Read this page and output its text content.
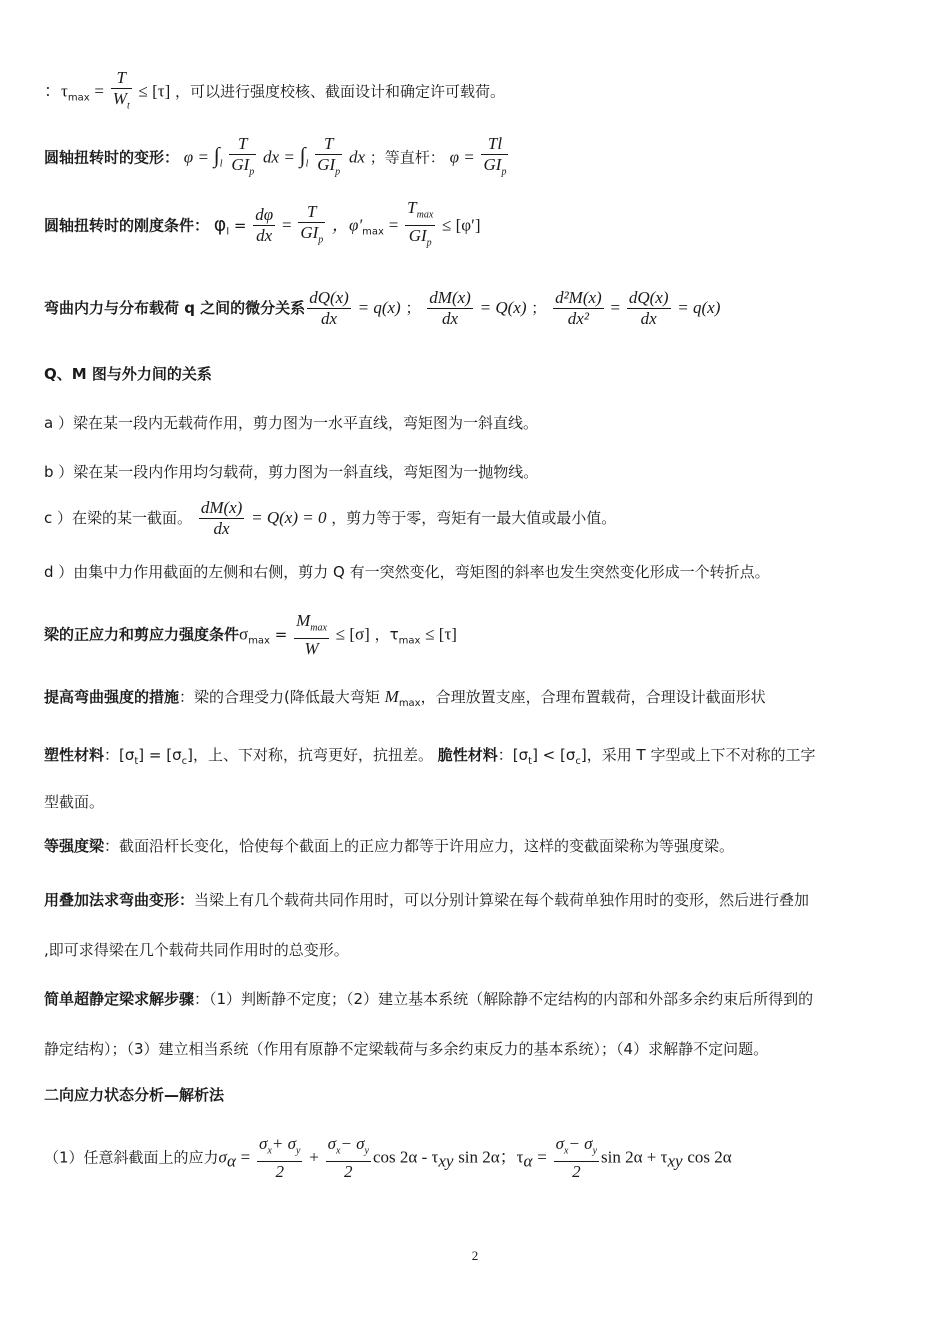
：$\tau_{max} = \frac{T}{W_t} \le [\tau]$ ，可以进行强度校核、截面设计和确定许可载荷。
圆轴扭转时的变形： $\varphi = \int_l \frac{T}{GI_p}$ dx = $\int_l \frac{T}{GI_p}$ dx ；等直杆： $\varphi = \frac{Tl}{GI_p}$
圆轴扭转时的刚度条件： $\varphi_l = \frac{d\varphi}{dx} = \frac{T}{GI_p}$ ，$\varphi'_{max} = \frac{T_{max}}{GI_p} \le [\varphi']$
弯曲内力与分布载荷 q 之间的微分关系 $\frac{dQ(x)}{dx} = q(x)$ ； $\frac{dM(x)}{dx} = Q(x)$ ； $\frac{\text{d²M(x)}}{\text{dx²}} = \frac{dQ(x)}{dx} = q(x)$
Q、M 图与外力间的关系
a ）梁在某一段内无载荷作用，剪力图为一水平直线，弯矩图为一斜直线。
b ）梁在某一段内作用均匀载荷，剪力图为一斜直线，弯矩图为一抛物线。
c ）在梁的某一截面。 $\frac{dM(x)}{dx} = Q(x) = 0$ ，剪力等于零，弯矩有一最大值或最小值。
d ）由集中力作用截面的左侧和右侧，剪力 Q 有一突然变化，弯矩图的斜率也发生突然变化形成一个转折点。
梁的正应力和剪应力强度条件$\sigma_{max} = \frac{M_{max}}{W} \le [\sigma]$ ，$\tau_{max} \le [\tau]$
提高弯曲强度的措施：梁的合理受力(降低最大弯矩 $M_{max}$，合理放置支座，合理布置载荷，合理设计截面形状
塑性材料：$[\sigma_t] = [\sigma_c]$，上、下对称，抗弯更好，抗扭差。 脆性材料：$[\sigma_t] < [\sigma_c]$，采用 T 字型或上下不对称的工字
型截面。
等强度梁：截面沿杆长变化，恰使每个截面上的正应力都等于许用应力，这样的变截面梁称为等强度梁。
用叠加法求弯曲变形：当梁上有几个载荷共同作用时，可以分别计算梁在每个载荷单独作用时的变形，然后进行叠加
,即可求得梁在几个载荷共同作用时的总变形。
简单超静定梁求解步骤：（1）判断静不定度；（2）建立基本系统（解除静不定结构的内部和外部多余约束后所得到的
静定结构）；（3）建立相当系统（作用有原静不定梁载荷与多余约束反力的基本系统）；（4）求解静不定问题。
二向应力状态分析—解析法
（1）任意斜截面上的应力$\sigma_\alpha = \frac{\sigma_x+ \sigma_y}{2} + \frac{\sigma_x- \sigma_y}{2}$ $\cos 2\alpha - \tau_{xy}$ sin 2α；$\tau_\alpha = \frac{\sigma_x- \sigma_y}{2}$ $\sin 2\alpha + \tau_{xy}$ cos 2α
2
